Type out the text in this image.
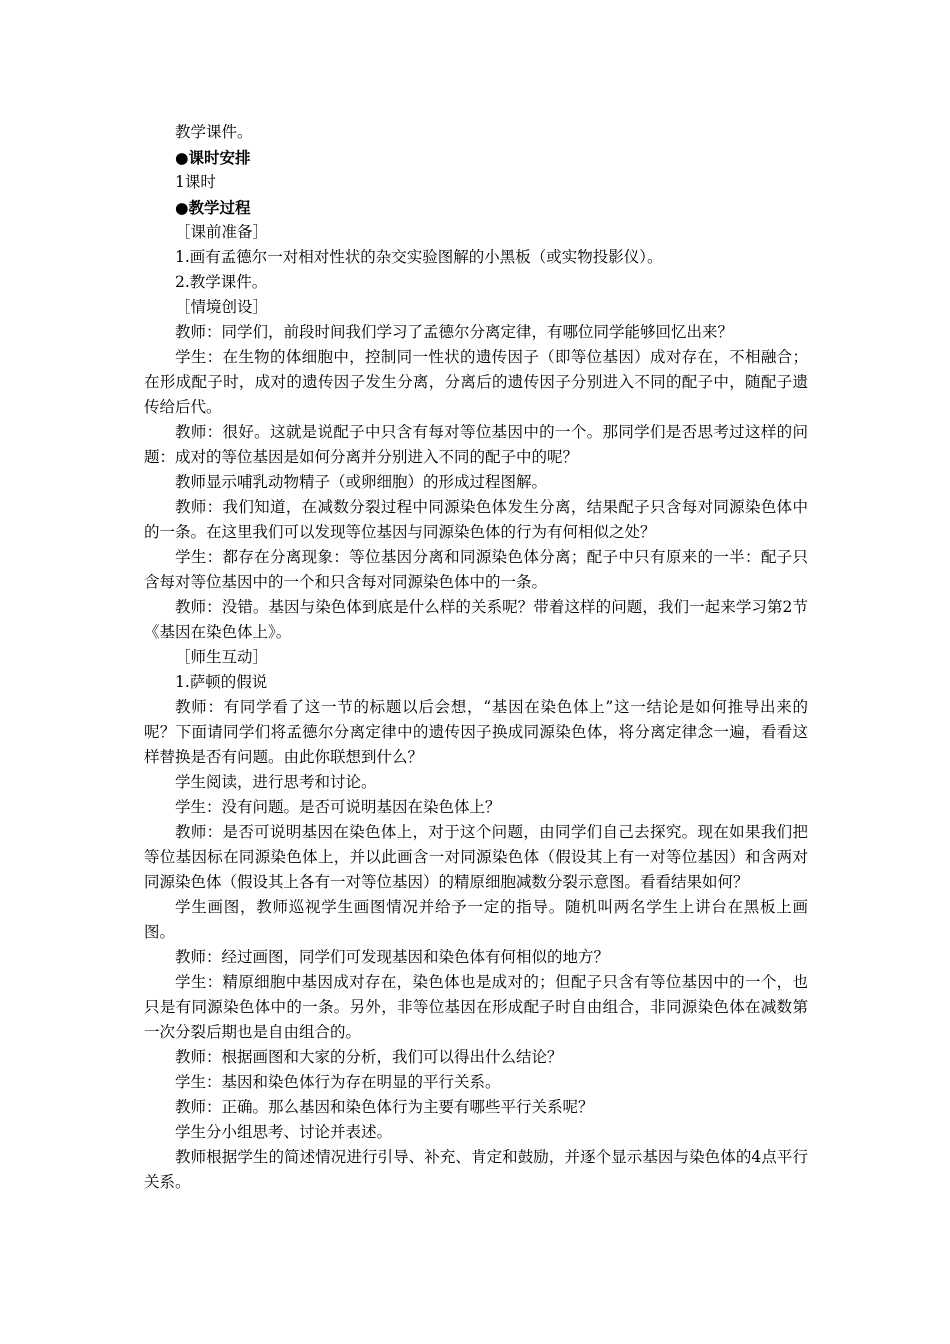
教学课件。

●课时安排

1课时

●教学过程

［课前准备］

1.画有孟德尔一对相对性状的杂交实验图解的小黑板（或实物投影仪）。

2.教学课件。

［情境创设］

教师：同学们，前段时间我们学习了孟德尔分离定律，有哪位同学能够回忆出来？

学生：在生物的体细胞中，控制同一性状的遗传因子（即等位基因）成对存在，不相融合；在形成配子时，成对的遗传因子发生分离，分离后的遗传因子分别进入不同的配子中，随配子遗传给后代。

教师：很好。这就是说配子中只含有每对等位基因中的一个。那同学们是否思考过这样的问题：成对的等位基因是如何分离并分别进入不同的配子中的呢？

教师显示哺乳动物精子（或卵细胞）的形成过程图解。

教师：我们知道，在减数分裂过程中同源染色体发生分离，结果配子只含每对同源染色体中的一条。在这里我们可以发现等位基因与同源染色体的行为有何相似之处？

学生：都存在分离现象：等位基因分离和同源染色体分离；配子中只有原来的一半：配子只含每对等位基因中的一个和只含每对同源染色体中的一条。

教师：没错。基因与染色体到底是什么样的关系呢？带着这样的问题，我们一起来学习第2节《基因在染色体上》。

［师生互动］

1.萨顿的假说

教师：有同学看了这一节的标题以后会想，“基因在染色体上”这一结论是如何推导出来的呢？下面请同学们将孟德尔分离定律中的遗传因子换成同源染色体，将分离定律念一遍，看看这样替换是否有问题。由此你联想到什么？

学生阅读，进行思考和讨论。

学生：没有问题。是否可说明基因在染色体上？

教师：是否可说明基因在染色体上，对于这个问题，由同学们自己去探究。现在如果我们把等位基因标在同源染色体上，并以此画含一对同源染色体（假设其上有一对等位基因）和含两对同源染色体（假设其上各有一对等位基因）的精原细胞减数分裂示意图。看看结果如何？

学生画图，教师巡视学生画图情况并给予一定的指导。随机叫两名学生上讲台在黑板上画图。

教师：经过画图，同学们可发现基因和染色体有何相似的地方？

学生：精原细胞中基因成对存在，染色体也是成对的；但配子只含有等位基因中的一个，也只是有同源染色体中的一条。另外，非等位基因在形成配子时自由组合，非同源染色体在减数第一次分裂后期也是自由组合的。

教师：根据画图和大家的分析，我们可以得出什么结论？

学生：基因和染色体行为存在明显的平行关系。

教师：正确。那么基因和染色体行为主要有哪些平行关系呢？

学生分小组思考、讨论并表述。

教师根据学生的简述情况进行引导、补充、肯定和鼓励，并逐个显示基因与染色体的4点平行关系。
